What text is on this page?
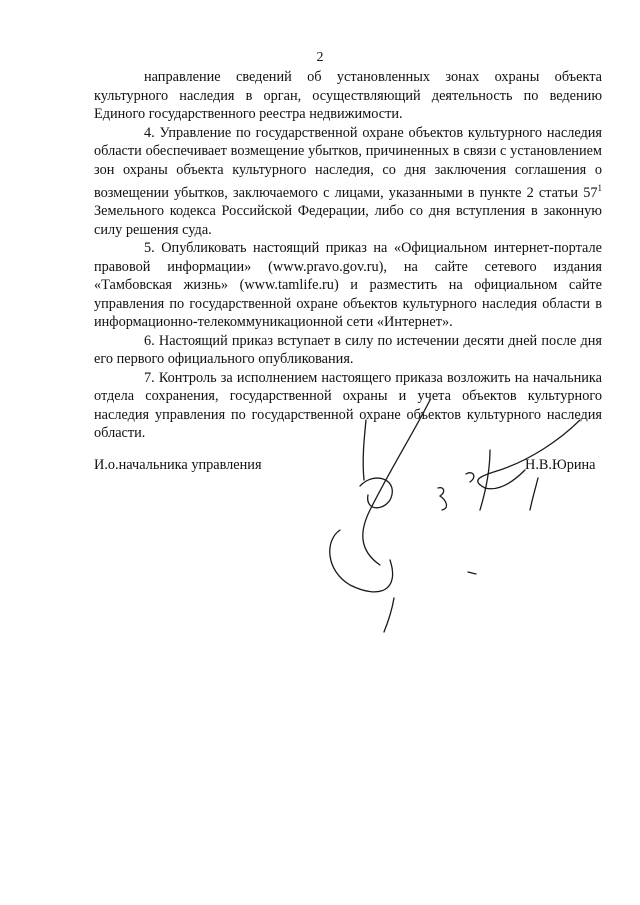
2

направление сведений об установленных зонах охраны объекта культурного наследия в орган, осуществляющий деятельность по ведению Единого государственного реестра недвижимости.

4. Управление по государственной охране объектов культурного наследия области обеспечивает возмещение убытков, причиненных в связи с установлением зон охраны объекта культурного наследия, со дня заключения соглашения о возмещении убытков, заключаемого с лицами, указанными в пункте 2 статьи $57^1$ Земельного кодекса Российской Федерации, либо со дня вступления в законную силу решения суда.

5. Опубликовать настоящий приказ на «Официальном интернет-портале правовой информации» (www.pravo.gov.ru), на сайте сетевого издания «Тамбовская жизнь» (www.tamlife.ru) и разместить на официальном сайте управления по государственной охране объектов культурного наследия области в информационно-телекоммуникационной сети «Интернет».

6. Настоящий приказ вступает в силу по истечении десяти дней после дня его первого официального опубликования.

7. Контроль за исполнением настоящего приказа возложить на начальника отдела сохранения, государственной охраны и учета объектов культурного наследия управления по государственной охране объектов культурного наследия области.

И.о.начальника управления	Н.В.Юрина
